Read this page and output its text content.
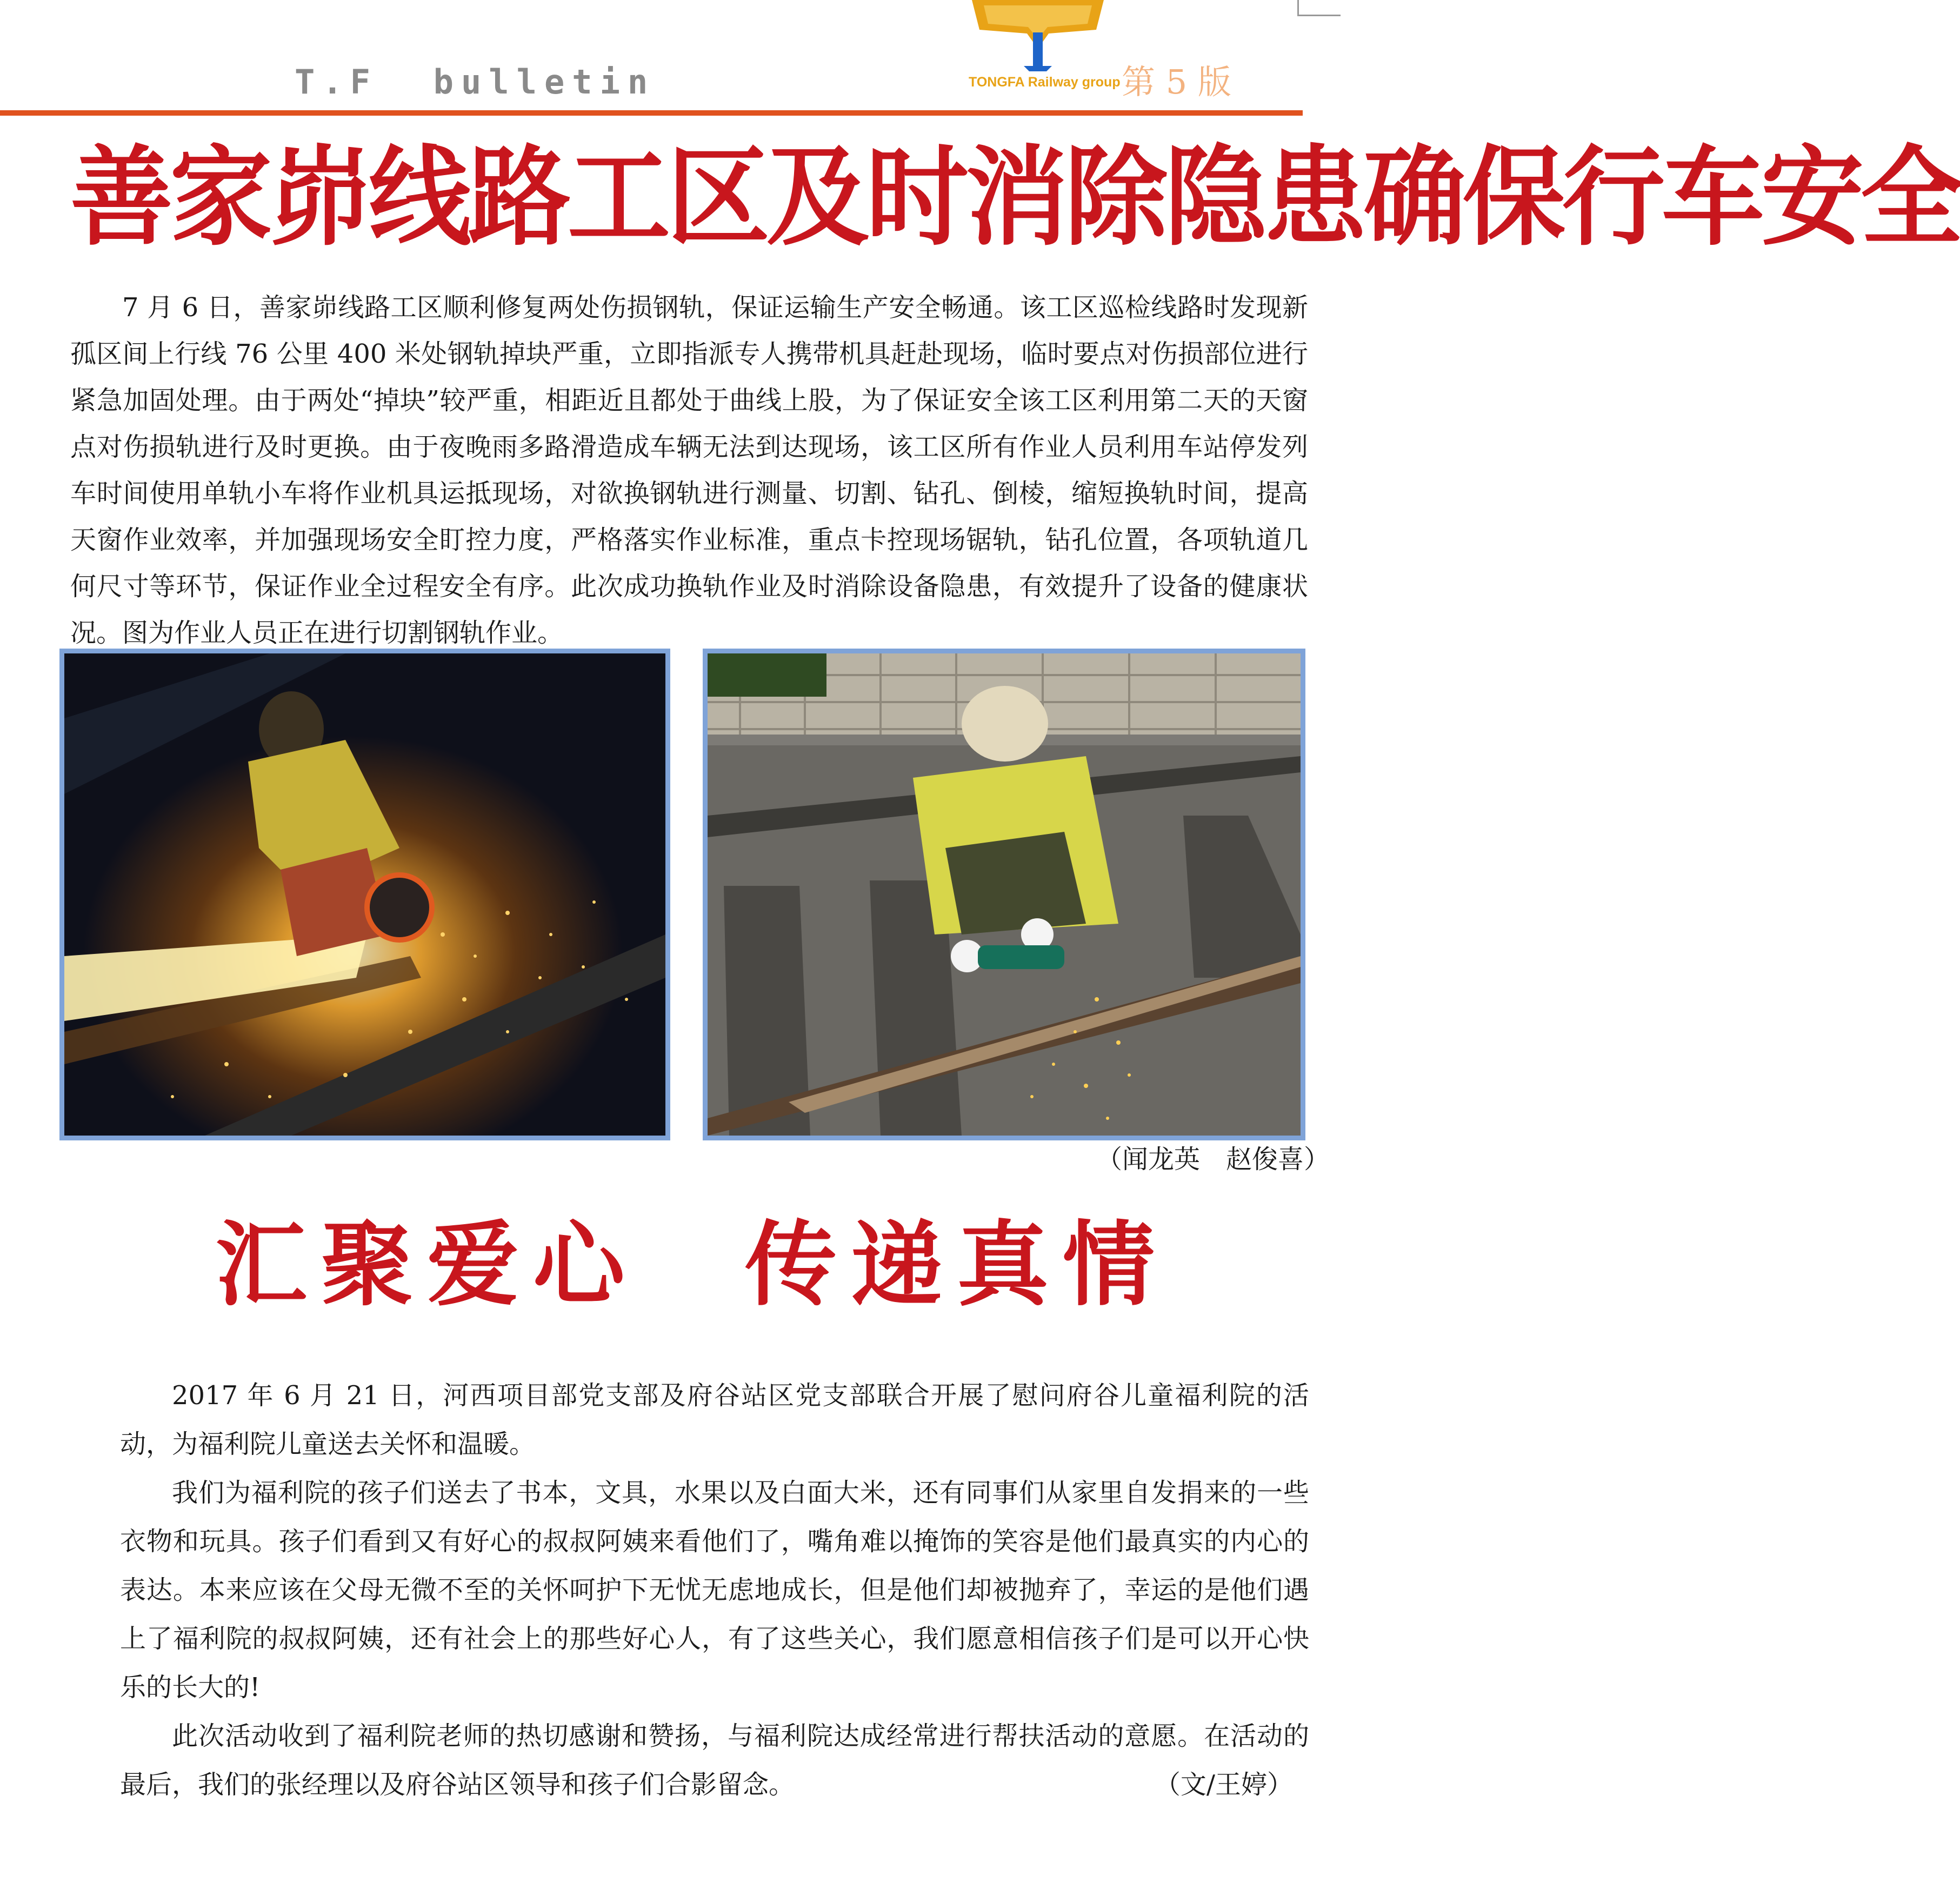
T.F  bulletin	TONGFA Railway group 第 5 版
善家峁线路工区及时消除隐患确保行车安全

7 月 6 日，善家峁线路工区顺利修复两处伤损钢轨，保证运输生产安全畅通。该工区巡检线路时发现新孤区间上行线 76 公里 400 米处钢轨掉块严重，立即指派专人携带机具赶赴现场，临时要点对伤损部位进行紧急加固处理。由于两处“掉块”较严重，相距近且都处于曲线上股，为了保证安全该工区利用第二天的天窗点对伤损轨进行及时更换。由于夜晚雨多路滑造成车辆无法到达现场，该工区所有作业人员利用车站停发列车时间使用单轨小车将作业机具运抵现场，对欲换钢轨进行测量、切割、钻孔、倒棱，缩短换轨时间，提高天窗作业效率，并加强现场安全盯控力度，严格落实作业标准，重点卡控现场锯轨，钻孔位置，各项轨道几何尺寸等环节，保证作业全过程安全有序。此次成功换轨作业及时消除设备隐患，有效提升了设备的健康状况。图为作业人员正在进行切割钢轨作业。

（闻龙英　赵俊喜）
汇聚爱心　传递真情

2017 年 6 月 21 日，河西项目部党支部及府谷站区党支部联合开展了慰问府谷儿童福利院的活动，为福利院儿童送去关怀和温暖。

我们为福利院的孩子们送去了书本，文具，水果以及白面大米，还有同事们从家里自发捐来的一些衣物和玩具。孩子们看到又有好心的叔叔阿姨来看他们了，嘴角难以掩饰的笑容是他们最真实的内心的表达。本来应该在父母无微不至的关怀呵护下无忧无虑地成长，但是他们却被抛弃了，幸运的是他们遇上了福利院的叔叔阿姨，还有社会上的那些好心人，有了这些关心，我们愿意相信孩子们是可以开心快乐的长大的!

此次活动收到了福利院老师的热切感谢和赞扬，与福利院达成经常进行帮扶活动的意愿。在活动的最后，我们的张经理以及府谷站区领导和孩子们合影留念。	（文/王婷）
